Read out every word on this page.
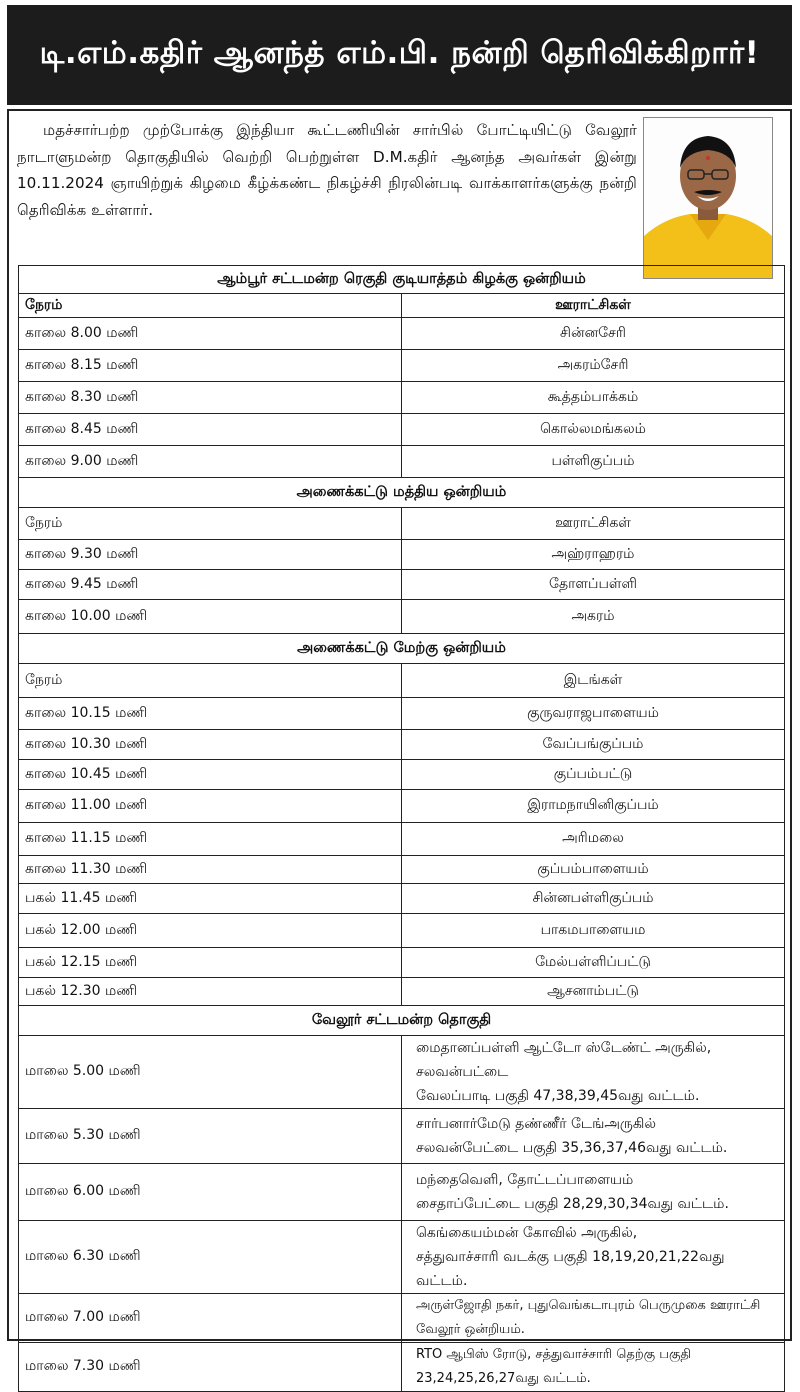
டி.எம்.கதிர் ஆனந்த் எம்.பி. நன்றி தெரிவிக்கிறார்!

மதச்சார்பற்ற முற்போக்கு இந்தியா கூட்டணியின் சார்பில் போட்டியிட்டு வேலூர் நாடாளுமன்ற தொகுதியில் வெற்றி பெற்றுள்ள D.M.கதிர் ஆனந்த அவர்கள் இன்று 10.11.2024 ஞாயிற்றுக் கிழமை கீழ்க்கண்ட நிகழ்ச்சி நிரலின்படி வாக்காளர்களுக்கு நன்றி தெரிவிக்க உள்ளார்.

ஆம்பூர் சட்டமன்ற ரெகுதி குடியாத்தம் கிழக்கு ஒன்றியம்	
நேரம்	ஊராட்சிகள்
காலை 8.00 மணி	சின்னசேரி
காலை 8.15 மணி	அகரம்சேரி
காலை 8.30 மணி	கூத்தம்பாக்கம்
காலை 8.45 மணி	கொல்லமங்கலம்
காலை 9.00 மணி	பள்ளிகுப்பம்
அணைக்கட்டு மத்திய ஒன்றியம்	
நேரம்	ஊராட்சிகள்
காலை 9.30 மணி	அஹ்ராஹரம்
காலை 9.45 மணி	தோளப்பள்ளி
காலை 10.00 மணி	அகரம்
அணைக்கட்டு மேற்கு ஒன்றியம்	
நேரம்	இடங்கள்
காலை 10.15 மணி	குருவராஜபாளையம்
காலை 10.30 மணி	வேப்பங்குப்பம்
காலை 10.45 மணி	குப்பம்பட்டு
காலை 11.00 மணி	இராமநாயினிகுப்பம்
காலை 11.15 மணி	அரிமலை
காலை 11.30 மணி	குப்பம்பாளையம்
பகல் 11.45 மணி	சின்னபள்ளிகுப்பம்
பகல் 12.00 மணி	பாகமபாளையம
பகல் 12.15 மணி	மேல்பள்ளிப்பட்டு
பகல் 12.30 மணி	ஆசனாம்பட்டு
வேலூர் சட்டமன்ற தொகுதி	
மாலை 5.00 மணி	மைதானப்பள்ளி ஆட்டோ ஸ்டேண்ட் அருகில், சலவன்பட்டை
வேலப்பாடி பகுதி 47,38,39,45வது வட்டம்.

மாலை 5.30 மணி	சார்பனார்மேடு தண்ணீர் டேங்அருகில்
சலவன்பேட்டை பகுதி 35,36,37,46வது வட்டம்.

மாலை 6.00 மணி	மந்தைவெளி, தோட்டப்பாளையம்
சைதாப்பேட்டை பகுதி 28,29,30,34வது வட்டம்.

மாலை 6.30 மணி	கெங்கையம்மன் கோவில் அருகில்,
சத்துவாச்சாரி வடக்கு பகுதி 18,19,20,21,22வது வட்டம்.

மாலை 7.00 மணி	அருள்ஜோதி நகர், புதுவெங்கடாபுரம் பெருமுகை ஊராட்சி வேலூர் ஒன்றியம்.
மாலை 7.30 மணி	RTO ஆபிஸ் ரோடு, சத்துவாச்சாரி தெற்கு பகுதி 23,24,25,26,27வது வட்டம்.
